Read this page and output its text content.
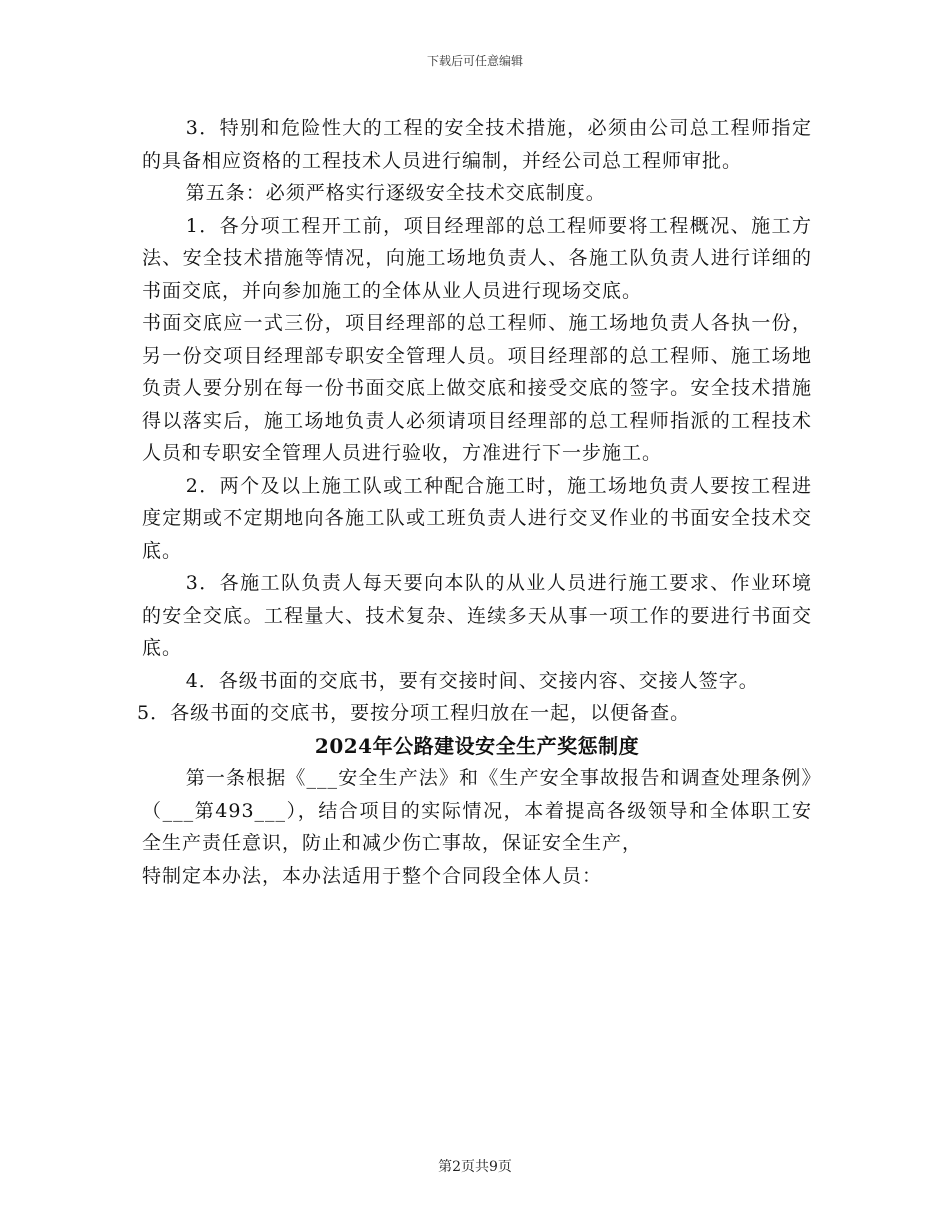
下载后可任意编辑

3．特别和危险性大的工程的安全技术措施，必须由公司总工程师指定的具备相应资格的工程技术人员进行编制，并经公司总工程师审批。

第五条：必须严格实行逐级安全技术交底制度。

1．各分项工程开工前，项目经理部的总工程师要将工程概况、施工方法、安全技术措施等情况，向施工场地负责人、各施工队负责人进行详细的书面交底，并向参加施工的全体从业人员进行现场交底。

书面交底应一式三份，项目经理部的总工程师、施工场地负责人各执一份，另一份交项目经理部专职安全管理人员。项目经理部的总工程师、施工场地负责人要分别在每一份书面交底上做交底和接受交底的签字。安全技术措施得以落实后，施工场地负责人必须请项目经理部的总工程师指派的工程技术人员和专职安全管理人员进行验收，方准进行下一步施工。

2．两个及以上施工队或工种配合施工时，施工场地负责人要按工程进度定期或不定期地向各施工队或工班负责人进行交叉作业的书面安全技术交底。

3．各施工队负责人每天要向本队的从业人员进行施工要求、作业环境的安全交底。工程量大、技术复杂、连续多天从事一项工作的要进行书面交底。

4．各级书面的交底书，要有交接时间、交接内容、交接人签字。

5．各级书面的交底书，要按分项工程归放在一起，以便备查。

2024年公路建设安全生产奖惩制度

第一条根据《___安全生产法》和《生产安全事故报告和调查处理条例》（___第493___），结合项目的实际情况，本着提高各级领导和全体职工安全生产责任意识，防止和减少伤亡事故，保证安全生产，

特制定本办法，本办法适用于整个合同段全体人员：

第2页共9页
